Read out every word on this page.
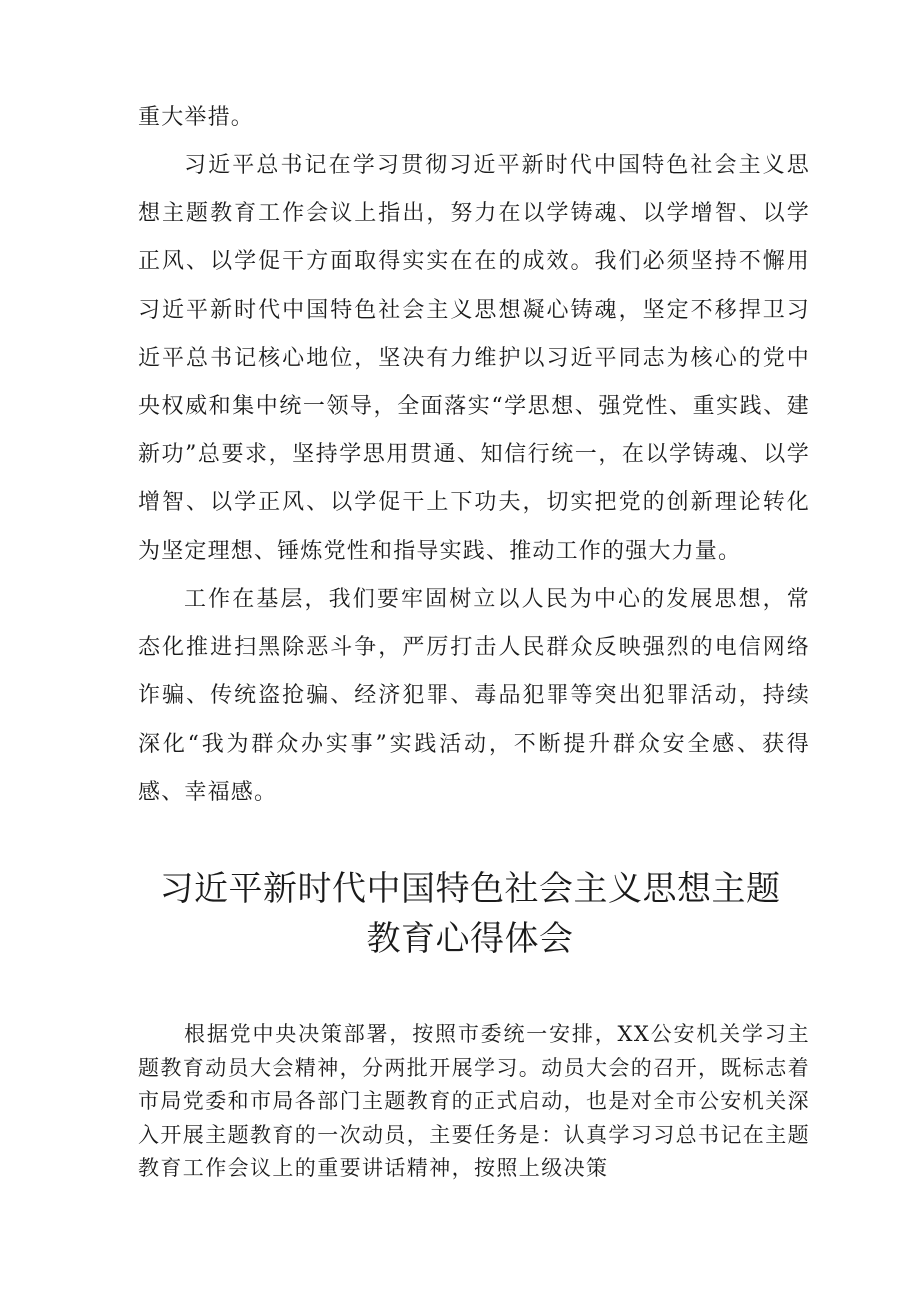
重大举措。

习近平总书记在学习贯彻习近平新时代中国特色社会主义思想主题教育工作会议上指出，努力在以学铸魂、以学增智、以学正风、以学促干方面取得实实在在的成效。我们必须坚持不懈用习近平新时代中国特色社会主义思想凝心铸魂，坚定不移捍卫习近平总书记核心地位，坚决有力维护以习近平同志为核心的党中央权威和集中统一领导，全面落实“学思想、强党性、重实践、建新功”总要求，坚持学思用贯通、知信行统一，在以学铸魂、以学增智、以学正风、以学促干上下功夫，切实把党的创新理论转化为坚定理想、锤炼党性和指导实践、推动工作的强大力量。

工作在基层，我们要牢固树立以人民为中心的发展思想，常态化推进扫黑除恶斗争，严厉打击人民群众反映强烈的电信网络诈骗、传统盗抢骗、经济犯罪、毒品犯罪等突出犯罪活动，持续深化“我为群众办实事”实践活动，不断提升群众安全感、获得感、幸福感。

习近平新时代中国特色社会主义思想主题
教育心得体会

根据党中央决策部署，按照市委统一安排，XX公安机关学习主题教育动员大会精神，分两批开展学习。动员大会的召开，既标志着市局党委和市局各部门主题教育的正式启动，也是对全市公安机关深入开展主题教育的一次动员，主要任务是：认真学习习总书记在主题教育工作会议上的重要讲话精神，按照上级决策
